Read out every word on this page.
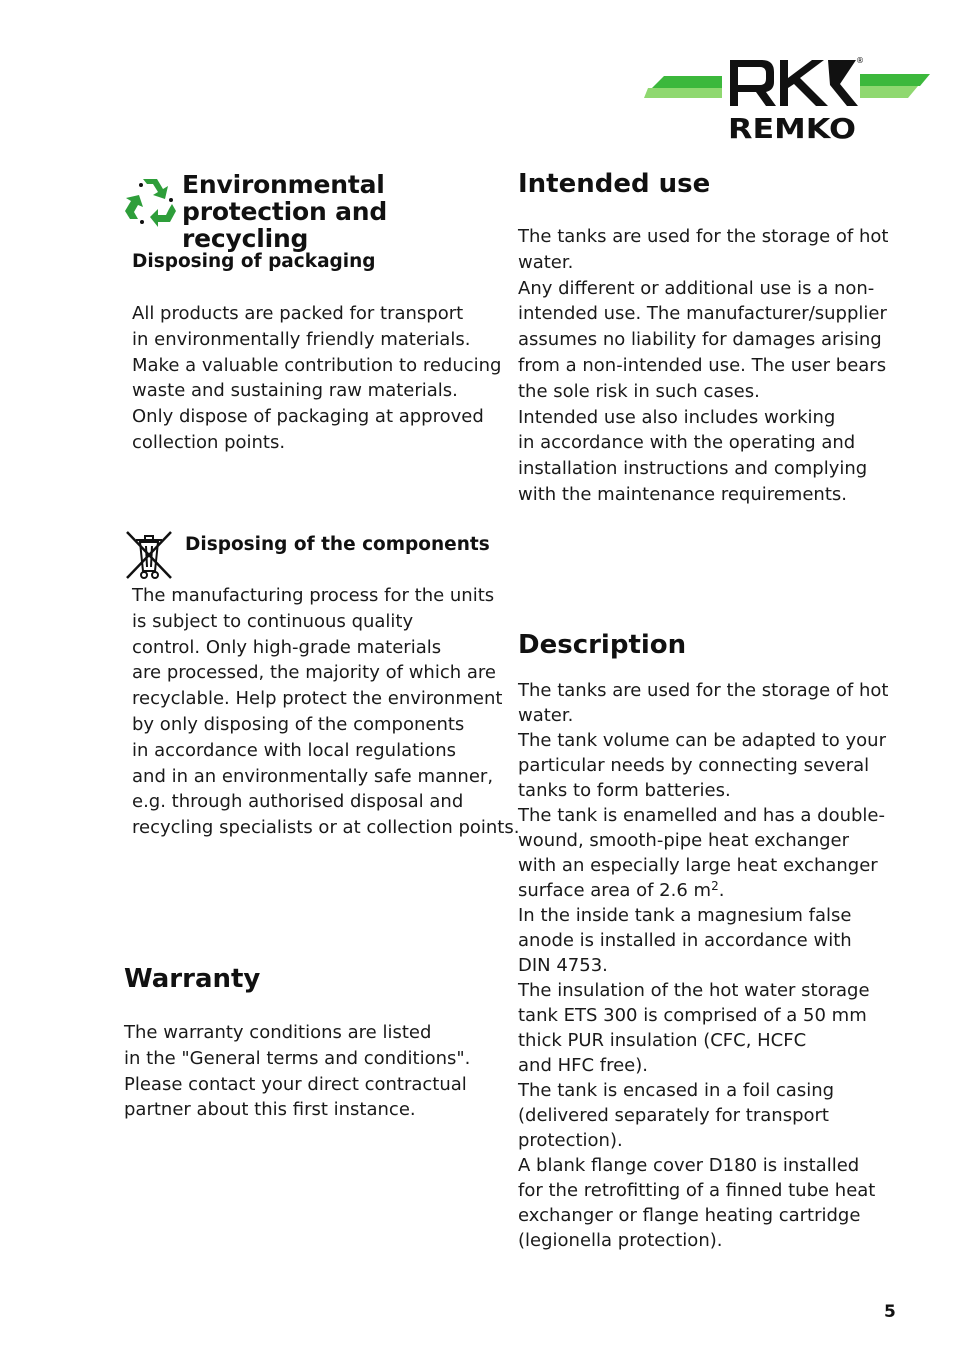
®
REMKO
Environmental
protection and recycling
Disposing of packaging
All products are packed for transport
in environmentally friendly materials.
Make a valuable contribution to reducing
waste and sustaining raw materials.
Only dispose of packaging at approved
collection points.
Disposing of the components
The manufacturing process for the units
is subject to continuous quality
control. Only high-grade materials
are processed, the majority of which are
recyclable. Help protect the environment
by only disposing of the components
in accordance with local regulations
and in an environmentally safe manner,
e.g. through authorised disposal and
recycling specialists or at collection points.
Warranty
The warranty conditions are listed
in the "General terms and conditions".
Please contact your direct contractual
partner about this first instance.
Intended use
The tanks are used for the storage of hot
water.
Any different or additional use is a non-
intended use. The manufacturer/supplier
assumes no liability for damages arising
from a non-intended use. The user bears
the sole risk in such cases.
Intended use also includes working
in accordance with the operating and
installation instructions and complying
with the maintenance requirements.
Description
The tanks are used for the storage of hot
water.
The tank volume can be adapted to your
particular needs by connecting several
tanks to form batteries.
The tank is enamelled and has a double-
wound, smooth-pipe heat exchanger
with an especially large heat exchanger
surface area of 2.6 $m^2$.
In the inside tank a magnesium false
anode is installed in accordance with
DIN 4753.
The insulation of the hot water storage
tank ETS 300 is comprised of a 50 mm
thick PUR insulation (CFC, HCFC
and HFC free).
The tank is encased in a foil casing
(delivered separately for transport
protection).
A blank flange cover D180 is installed
for the retrofitting of a finned tube heat
exchanger or flange heating cartridge
(legionella protection).
5
